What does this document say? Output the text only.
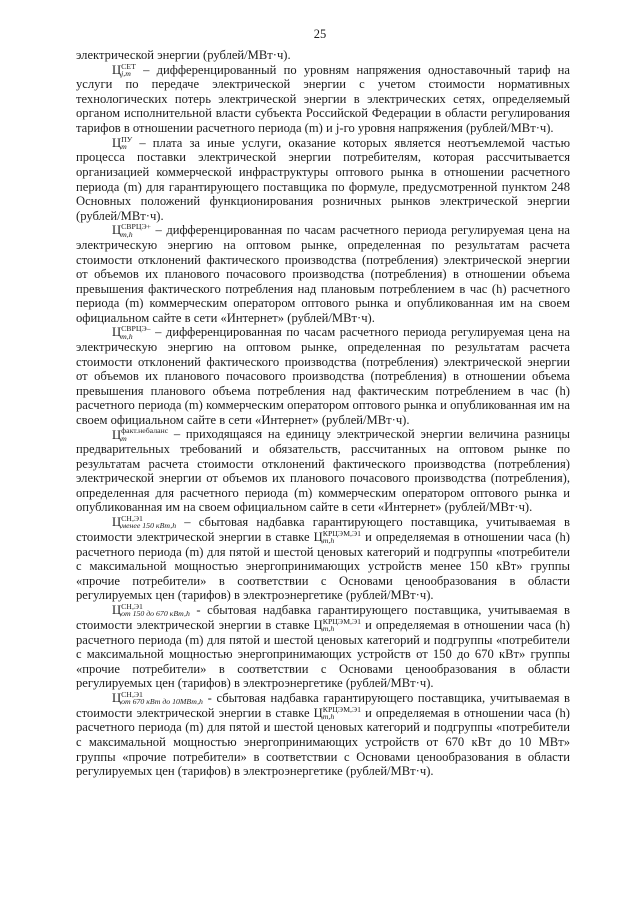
25

электрической энергии (рублей/МВт·ч).

Ц СЕТ
j,m – дифференцированный по уровням напряжения одноставочный тариф на услуги по передаче электрической энергии с учетом стоимости нормативных технологических потерь электрической энергии в электрических сетях, определяемый органом исполнительной власти субъекта Российской Федерации в области регулирования тарифов в отношении расчетного периода (m) и j-го уровня напряжения (рублей/МВт·ч).

Ц ПУ
m – плата за иные услуги, оказание которых является неотъемлемой частью процесса поставки электрической энергии потребителям, которая рассчитывается организацией коммерческой инфраструктуры оптового рынка в отношении расчетного периода (m) для гарантирующего поставщика по формуле, предусмотренной пунктом 248 Основных положений функционирования розничных рынков электрической энергии (рублей/МВт·ч).

Ц СВРЦЭ+
m,h	– дифференцированная по часам расчетного периода регулируемая цена на электрическую энергию на оптовом рынке, определенная по результатам расчета стоимости отклонений фактического производства (потребления) электрической энергии от объемов их планового почасового производства (потребления) в отношении объема превышения фактического потребления над плановым потреблением в час (h) расчетного периода (m) коммерческим оператором оптового рынка и опубликованная им на своем официальном сайте в сети «Интернет» (рублей/МВт·ч).

Ц СВРЦЭ–
m,h	– дифференцированная по часам расчетного периода регулируемая цена на электрическую энергию на оптовом рынке, определенная по результатам расчета стоимости отклонений фактического производства (потребления) электрической энергии от объемов их планового почасового производства (потребления) в отношении объема превышения планового объема потребления над фактическим потреблением в час (h) расчетного периода (m) коммерческим оператором оптового рынка и опубликованная им на своем официальном сайте в сети «Интернет» (рублей/МВт·ч).

Ц факт.небаланс
m	– приходящаяся на единицу электрической энергии величина разницы предварительных требований и обязательств, рассчитанных на оптовом рынке по результатам расчета стоимости отклонений фактического производства (потребления) электрической энергии от объемов их планового почасового производства (потребления), определенная для расчетного периода (m) коммерческим оператором оптового рынка и опубликованная им на своем официальном сайте в сети «Интернет» (рублей/МВт·ч).

Ц СН,Э1
менее 150 кВт,h – сбытовая надбавка гарантирующего поставщика, учитываемая в стоимости электрической энергии в ставке Ц КРЦЭМ,Э1
m,h	и определяемая в отношении часа (h) расчетного периода (m) для пятой и шестой ценовых категорий и подгруппы «потребители с максимальной мощностью энергопринимающих устройств менее 150 кВт» группы «прочие потребители» в соответствии с Основами ценообразования в области регулируемых цен (тарифов) в электроэнергетике (рублей/МВт·ч).

Ц СН,Э1
от 150 до 670 кВт,h - сбытовая надбавка гарантирующего поставщика, учитываемая в стоимости электрической энергии в ставке Ц КРЦЭМ,Э1
m,h	и определяемая в отношении часа (h) расчетного периода (m) для пятой и шестой ценовых категорий и подгруппы «потребители с максимальной мощностью энергопринимающих устройств от 150 до 670 кВт» группы «прочие потребители» в соответствии с Основами ценообразования в области регулируемых цен (тарифов) в электроэнергетике (рублей/МВт·ч).

Ц СН,Э1
от 670 кВт до 10МВт,h - сбытовая надбавка гарантирующего поставщика, учитываемая в стоимости электрической энергии в ставке Ц КРЦЭМ,Э1
m,h	и определяемая в отношении часа (h) расчетного периода (m) для пятой и шестой ценовых категорий и подгруппы «потребители с максимальной мощностью энергопринимающих устройств от 670 кВт до 10 МВт» группы «прочие потребители» в соответствии с Основами ценообразования в области регулируемых цен (тарифов) в электроэнергетике (рублей/МВт·ч).
